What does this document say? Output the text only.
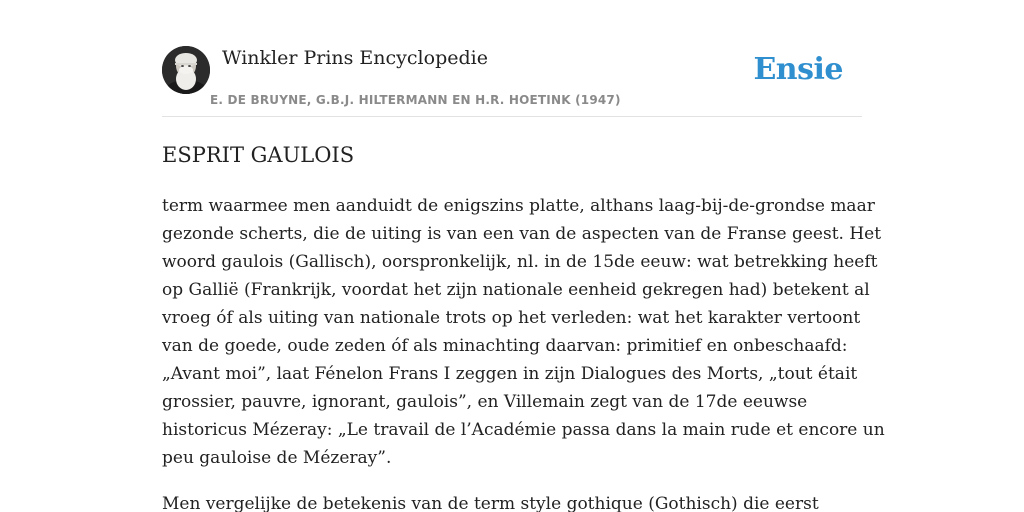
Winkler Prins Encyclopedie
E. DE BRUYNE, G.B.J. HILTERMANN EN H.R. HOETINK (1947)
Ensie
ESPRIT GAULOIS

term waarmee men aanduidt de enigszins platte, althans laag-bij-de-grondse maar
gezonde scherts, die de uiting is van een van de aspecten van de Franse geest. Het
woord gaulois (Gallisch), oorspronkelijk, nl. in de 15de eeuw: wat betrekking heeft
op Gallië (Frankrijk, voordat het zijn nationale eenheid gekregen had) betekent al
vroeg óf als uiting van nationale trots op het verleden: wat het karakter vertoont
van de goede, oude zeden óf als minachting daarvan: primitief en onbeschaafd:
„Avant moi”, laat Fénelon Frans I zeggen in zijn Dialogues des Morts, „tout était
grossier, pauvre, ignorant, gaulois”, en Villemain zegt van de 17de eeuwse
historicus Mézeray: „Le travail de l’Académie passa dans la main rude et encore un
peu gauloise de Mézeray”.

Men vergelijke de betekenis van de term style gothique (Gothisch) die eerst
